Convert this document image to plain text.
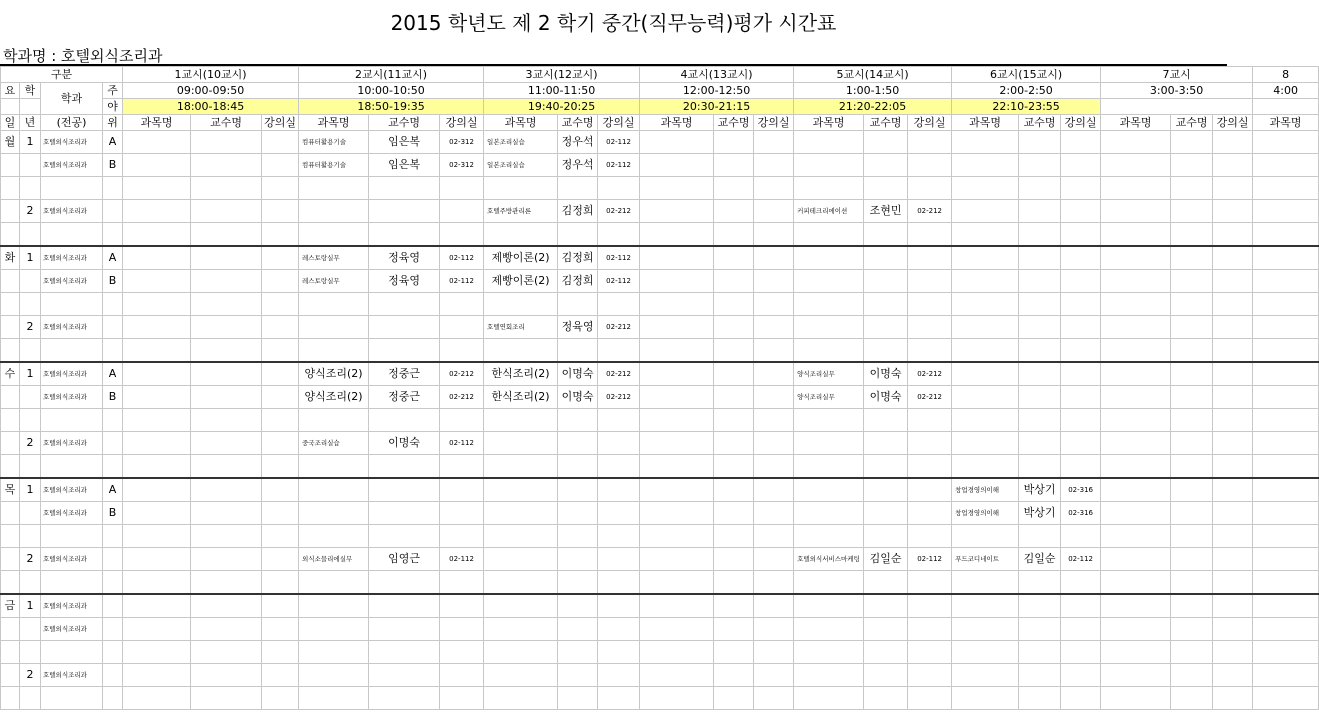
2015 학년도 제 2 학기 중간(직무능력)평가 시간표
학과명 : 호텔외식조리과
구분				1교시(10교시)			2교시(11교시)			3교시(12교시)			4교시(13교시)			5교시(14교시)			6교시(15교시)			7교시			8
요	학	학과	주	09:00-09:50			10:00-10:50			11:00-11:50			12:00-12:50			1:00-1:50			2:00-2:50			3:00-3:50			4:00
			야	18:00-18:45			18:50-19:35			19:40-20:25			20:30-21:15			21:20-22:05			22:10-23:55						
일	년	(전공)	위	과목명	교수명	강의실	과목명	교수명	강의실	과목명	교수명	강의실	과목명	교수명	강의실	과목명	교수명	강의실	과목명	교수명	강의실	과목명	교수명	강의실	과목명
월	1	호텔외식조리과	A				컴퓨터활용기술	임은복	02-312	일본조리실습	정우석	02-112													
		호텔외식조리과	B				컴퓨터활용기술	임은복	02-312	일본조리실습	정우석	02-112													

	2	호텔외식조리과								호텔주방관리론	김정희	02-212				커피테크리에이션	조현민	02-212							

화	1	호텔외식조리과	A				레스토랑실무	정육영	02-112	제빵이론(2)	김정희	02-112													
		호텔외식조리과	B				레스토랑실무	정육영	02-112	제빵이론(2)	김정희	02-112													

	2	호텔외식조리과								호텔연회조리	정육영	02-212													

수	1	호텔외식조리과	A				양식조리(2)	정중근	02-212	한식조리(2)	이명숙	02-212				양식조리실무	이명숙	02-212							
		호텔외식조리과	B				양식조리(2)	정중근	02-212	한식조리(2)	이명숙	02-212				양식조리실무	이명숙	02-212							

	2	호텔외식조리과					중국조리실습	이명숙	02-112																

목	1	호텔외식조리과	A																창업경영의이해	박상기	02-316				
		호텔외식조리과	B																창업경영의이해	박상기	02-316				

	2	호텔외식조리과					외식소믈리에실무	임영근	02-112							호텔외식서비스마케팅	김일순	02-112	푸드코디네이트	김일순	02-112				

금	1	호텔외식조리과																							
		호텔외식조리과																							

	2	호텔외식조리과																							
